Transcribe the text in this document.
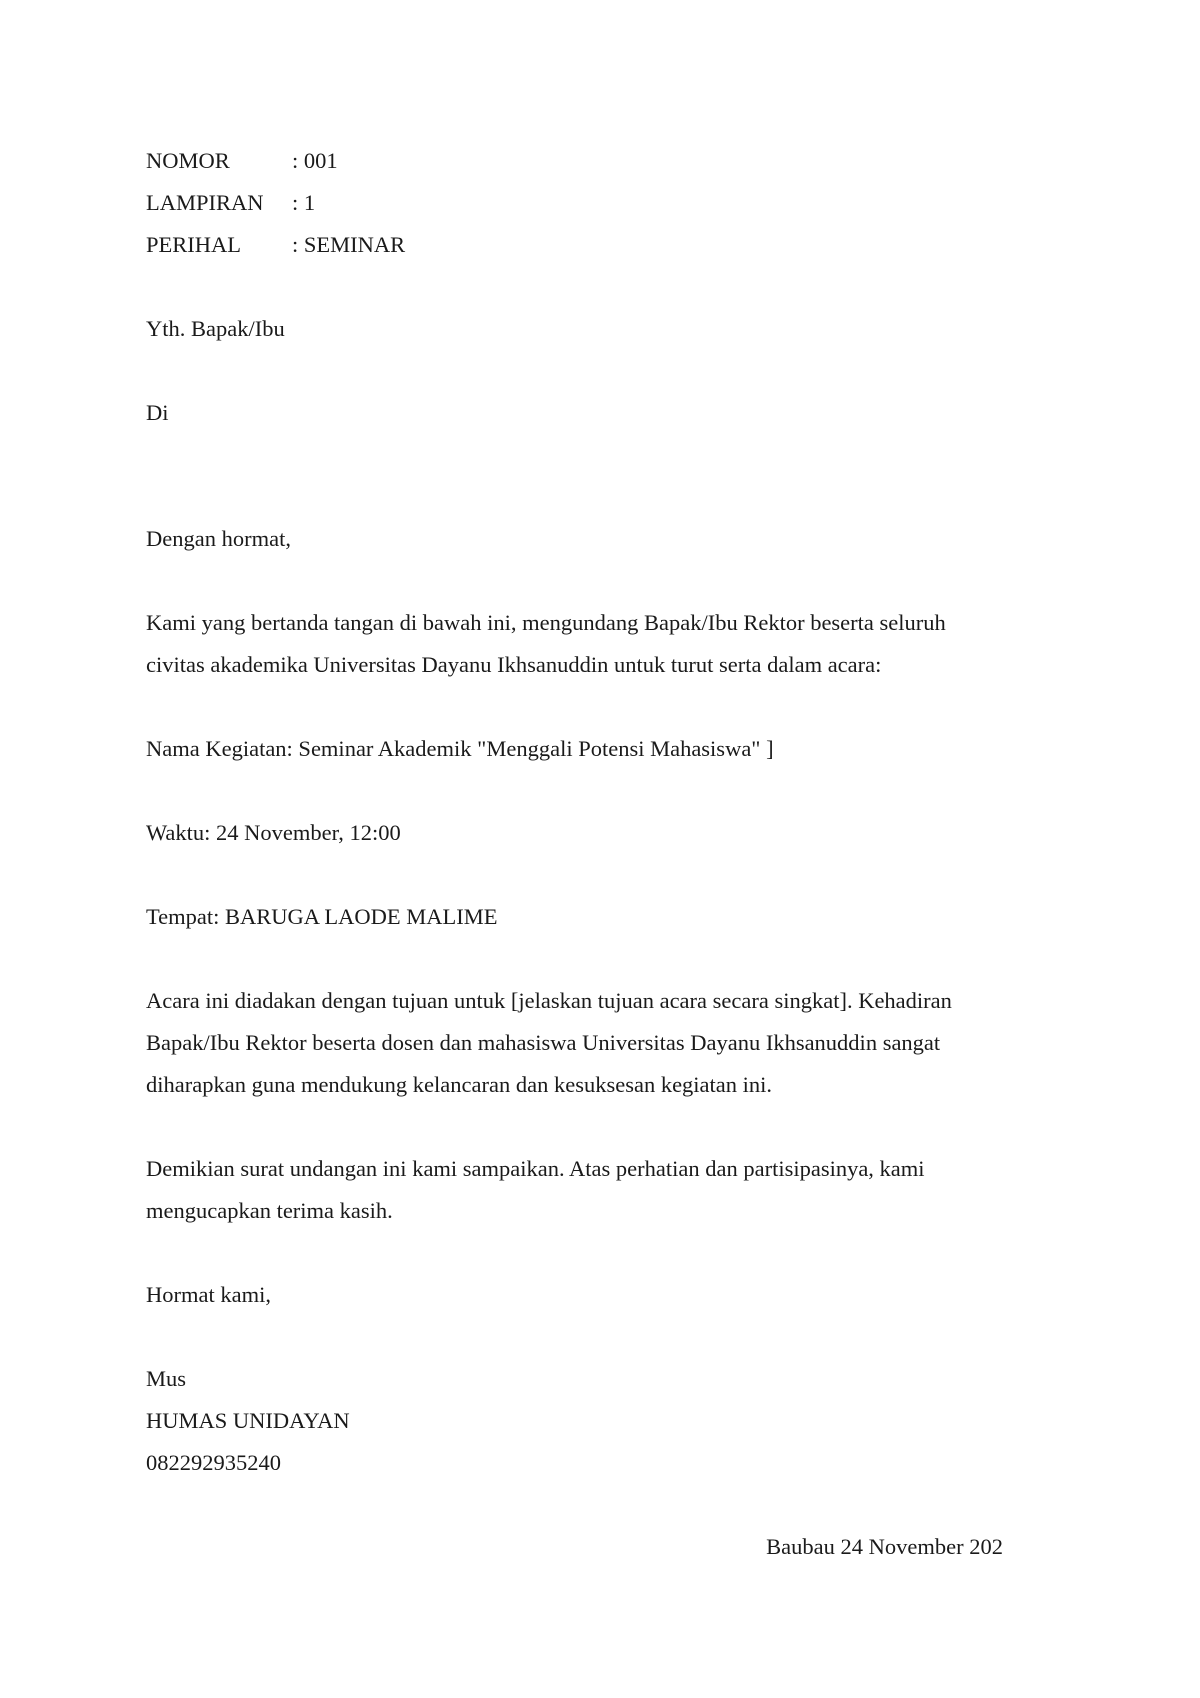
NOMOR	: 001
LAMPIRAN : 1
PERIHAL : SEMINAR
Yth. Bapak/Ibu
Di
Dengan hormat,
Kami yang bertanda tangan di bawah ini, mengundang Bapak/Ibu Rektor beserta seluruh
civitas akademika Universitas Dayanu Ikhsanuddin untuk turut serta dalam acara:
Nama Kegiatan: Seminar Akademik "Menggali Potensi Mahasiswa" ]
Waktu: 24 November, 12:00
Tempat: BARUGA LAODE MALIME
Acara ini diadakan dengan tujuan untuk [jelaskan tujuan acara secara singkat]. Kehadiran
Bapak/Ibu Rektor beserta dosen dan mahasiswa Universitas Dayanu Ikhsanuddin sangat
diharapkan guna mendukung kelancaran dan kesuksesan kegiatan ini.
Demikian surat undangan ini kami sampaikan. Atas perhatian dan partisipasinya, kami
mengucapkan terima kasih.
Hormat kami,
Mus
HUMAS UNIDAYAN
082292935240
Baubau 24 November 202
